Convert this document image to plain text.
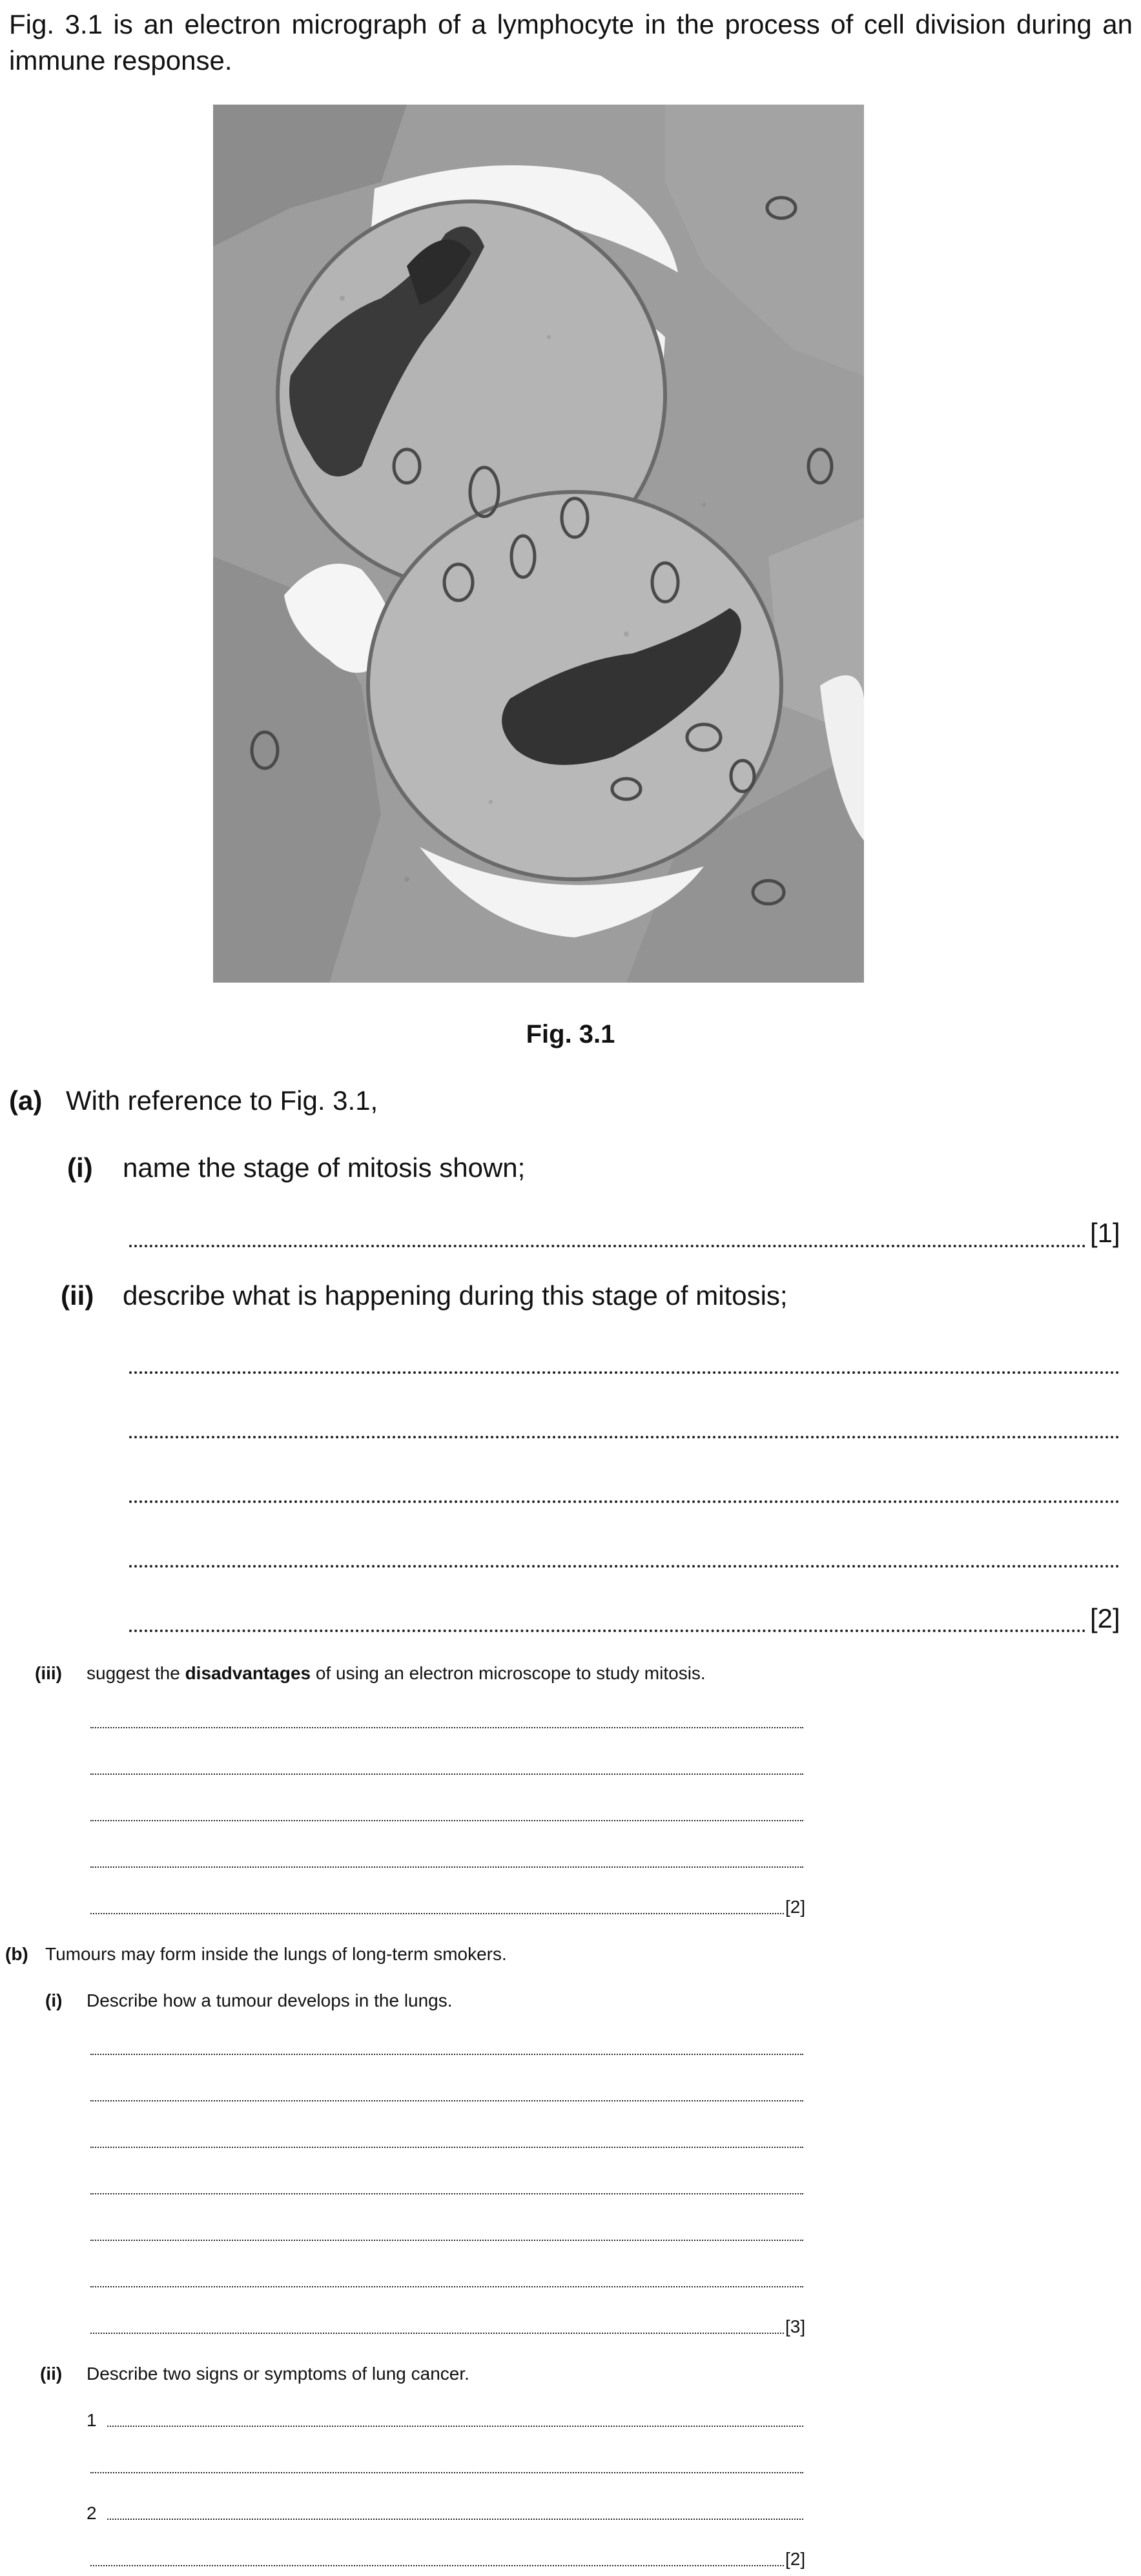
Fig. 3.1 is an electron micrograph of a lymphocyte in the process of cell division during an immune response.
Fig. 3.1
(a) With reference to Fig. 3.1,
(i) name the stage of mitosis shown;
[1]
(ii) describe what is happening during this stage of mitosis;
[2]
(iii) suggest the disadvantages of using an electron microscope to study mitosis.
[2]
(b) Tumours may form inside the lungs of long-term smokers.
(i) Describe how a tumour develops in the lungs.
[3]
(ii) Describe two signs or symptoms of lung cancer.
1
2
[2]
